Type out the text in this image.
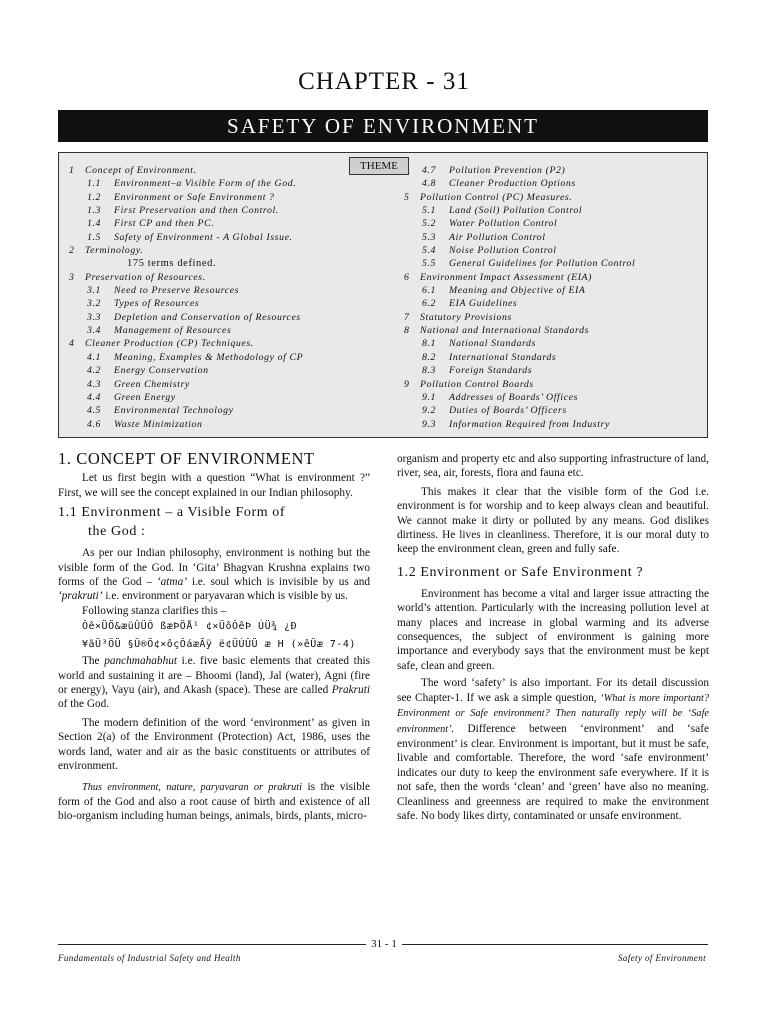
CHAPTER - 31
SAFETY OF ENVIRONMENT
THEME
1 Concept of Environment.
1.1 Environment–a Visible Form of the God.
1.2 Environment or Safe Environment ?
1.3 First Preservation and then Control.
1.4 First CP and then PC.
1.5 Safety of Environment - A Global Issue.
2 Terminology.
175 terms defined.
3 Preservation of Resources.
3.1 Need to Preserve Resources
3.2 Types of Resources
3.3 Depletion and Conservation of Resources
3.4 Management of Resources
4 Cleaner Production (CP) Techniques.
4.1 Meaning, Examples & Methodology of CP
4.2 Energy Conservation
4.3 Green Chemistry
4.4 Green Energy
4.5 Environmental Technology
4.6 Waste Minimization
4.7 Pollution Prevention (P2)
4.8 Cleaner Production Options
5 Pollution Control (PC) Measures.
5.1 Land (Soil) Pollution Control
5.2 Water Pollution Control
5.3 Air Pollution Control
5.4 Noise Pollution Control
5.5 General Guidelines for Pollution Control
6 Environment Impact Assessment (EIA)
6.1 Meaning and Objective of EIA
6.2 EIA Guidelines
7 Statutory Provisions
8 National and International Standards
8.1 National Standards
8.2 International Standards
8.3 Foreign Standards
9 Pollution Control Boards
9.1 Addresses of Boards’ Offices
9.2 Duties of Boards’ Officers
9.3 Information Required from Industry
1. CONCEPT OF ENVIRONMENT

Let us first begin with a question “What is environment ?” First, we will see the concept explained in our Indian philosophy.

1.1 Environment – a Visible Form of
the God :

As per our Indian philosophy, environment is nothing but the visible form of the God. In ‘Gita’ Bhagvan Krushna explains two forms of the God – ‘atma’ i.e. soul which is invisible by us and ‘prakruti’ i.e. environment or paryavaran which is visible by us.

Following stanza clarifies this –

Ôê×ÜÖ&æüÛÜÔ ßæÞÖÅ¹ ¢×ÜôÔêÞ ÚÜ¾ ¿Ð
¥ãÜ³ÖÜ §Ü®Ö¢×ôçÔáæÃÿ ë¢ÜÚÛÜ æ H (»êÜæ 7-4)

The panchmahabhut i.e. five basic elements that created this world and sustaining it are – Bhoomi (land), Jal (water), Agni (fire or energy), Vayu (air), and Akash (space). These are called Prakruti of the God.

The modern definition of the word ‘environment’ as given in Section 2(a) of the Environment (Protection) Act, 1986, uses the words land, water and air as the basic constituents or attributes of environment.

Thus environment, nature, paryavaran or prakruti is the visible form of the God and also a root cause of birth and existence of all bio-organism including human beings, animals, birds, plants, micro-

organism and property etc and also supporting infrastructure of land, river, sea, air, forests, flora and fauna etc.

This makes it clear that the visible form of the God i.e. environment is for worship and to keep always clean and beautiful. We cannot make it dirty or polluted by any means. God dislikes dirtiness. He lives in cleanliness. Therefore, it is our moral duty to keep the environment clean, green and fully safe.

1.2 Environment or Safe Environment ?

Environment has become a vital and larger issue attracting the world’s attention. Particularly with the increasing pollution level at many places and increase in global warming and its adverse consequences, the subject of environment is gaining more importance and everybody says that the environment must be kept safe, clean and green.

The word ‘safety’ is also important. For its detail discussion see Chapter-1. If we ask a simple question, ‘What is more important? Environment or Safe environment? Then naturally reply will be ‘Safe environment’. Difference between ‘environment’ and ‘safe environment’ is clear. Environment is important, but it must be safe, livable and comfortable. Therefore, the word ‘safe environment’ indicates our duty to keep the environment safe everywhere. If it is not safe, then the words ‘clean’ and ‘green’ have also no meaning. Cleanliness and greenness are required to make the environment safe. No body likes dirty, contaminated or unsafe environment.

31 - 1
Fundamentals of Industrial Safety and Health	Safety of Environment
